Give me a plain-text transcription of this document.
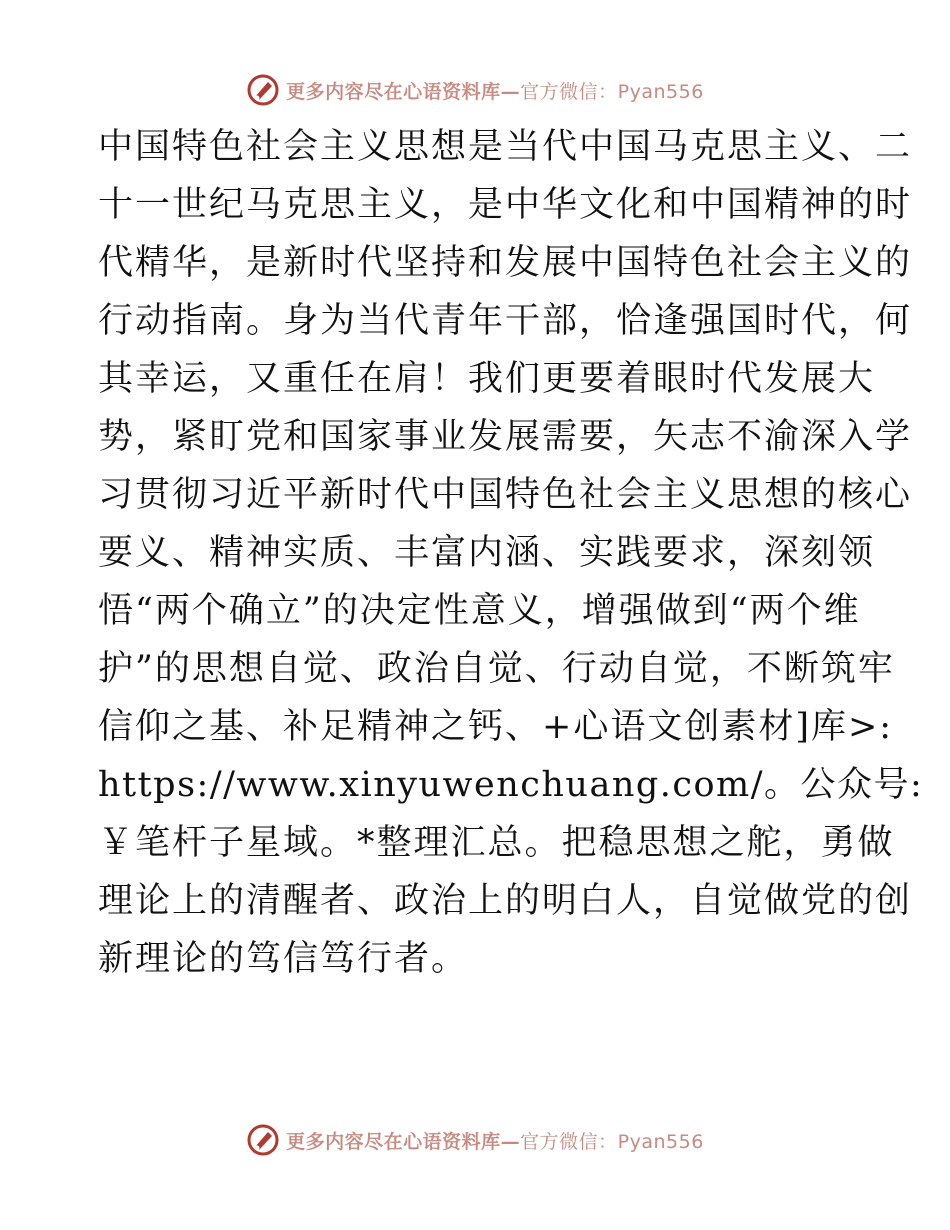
更多内容尽在心语资料库—官方微信：Pyan556
中国特色社会主义思想是当代中国马克思主义、二
十一世纪马克思主义，是中华文化和中国精神的时
代精华，是新时代坚持和发展中国特色社会主义的
行动指南。身为当代青年干部，恰逢强国时代，何
其幸运，又重任在肩！我们更要着眼时代发展大
势，紧盯党和国家事业发展需要，矢志不渝深入学
习贯彻习近平新时代中国特色社会主义思想的核心
要义、精神实质、丰富内涵、实践要求，深刻领
悟“两个确立”的决定性意义，增强做到“两个维
护”的思想自觉、政治自觉、行动自觉，不断筑牢
信仰之基、补足精神之钙、+心语文创素材]库>:
https://www.xinyuwenchuang.com/。公众号:
￥笔杆子星域。*整理汇总。把稳思想之舵，勇做
理论上的清醒者、政治上的明白人，自觉做党的创
新理论的笃信笃行者。
更多内容尽在心语资料库—官方微信：Pyan556
